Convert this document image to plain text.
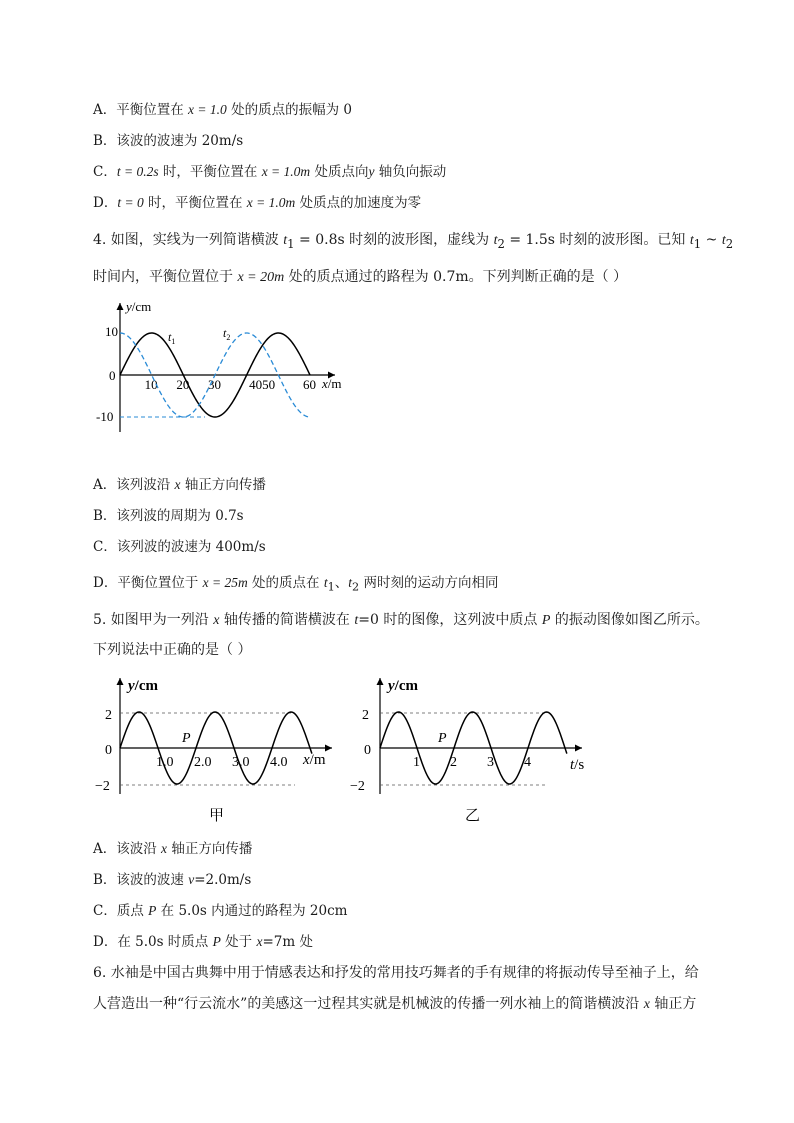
A．平衡位置在 x = 1.0 处的质点的振幅为 0
B．该波的波速为 20m/s
C．t = 0.2s 时，平衡位置在 x = 1.0m 处质点向y 轴负向振动
D．t = 0 时，平衡位置在 x = 1.0m 处质点的加速度为零
4. 如图，实线为一列简谐横波 $t_1 = 0.8s$ 时刻的波形图，虚线为 $t_2 = 1.5s$ 时刻的波形图。已知 $t_1$ ~ $t_2$
时间内，平衡位置位于 x = 20m 处的质点通过的路程为 0.7m。下列判断正确的是（ ）
y/cm
x/m
0
10
-10
10 20 30 4050 60
$t_1$
$t_2$
A．该列波沿 x 轴正方向传播
B．该列波的周期为 0.7s
C．该列波的波速为 400m/s
D．平衡位置位于 x = 25m 处的质点在 $t_1$、$t_2$ 两时刻的运动方向相同
5. 如图甲为一列沿 x 轴传播的简谐横波在 t=0 时的图像，这列波中质点 P 的振动图像如图乙所示。
下列说法中正确的是（ ）
y/cm
x/m
0
2
−2
1.0 2.0 3.0 4.0
P
甲
y/cm
t/s
0
2
−2
1 2 3 4
P
乙
A．该波沿 x 轴正方向传播
B．该波的波速 v=2.0m/s
C．质点 P 在 5.0s 内通过的路程为 20cm
D．在 5.0s 时质点 P 处于 x=7m 处
6. 水袖是中国古典舞中用于情感表达和抒发的常用技巧舞者的手有规律的将振动传导至袖子上，给
人营造出一种“行云流水”的美感这一过程其实就是机械波的传播一列水袖上的简谐横波沿 x 轴正方
